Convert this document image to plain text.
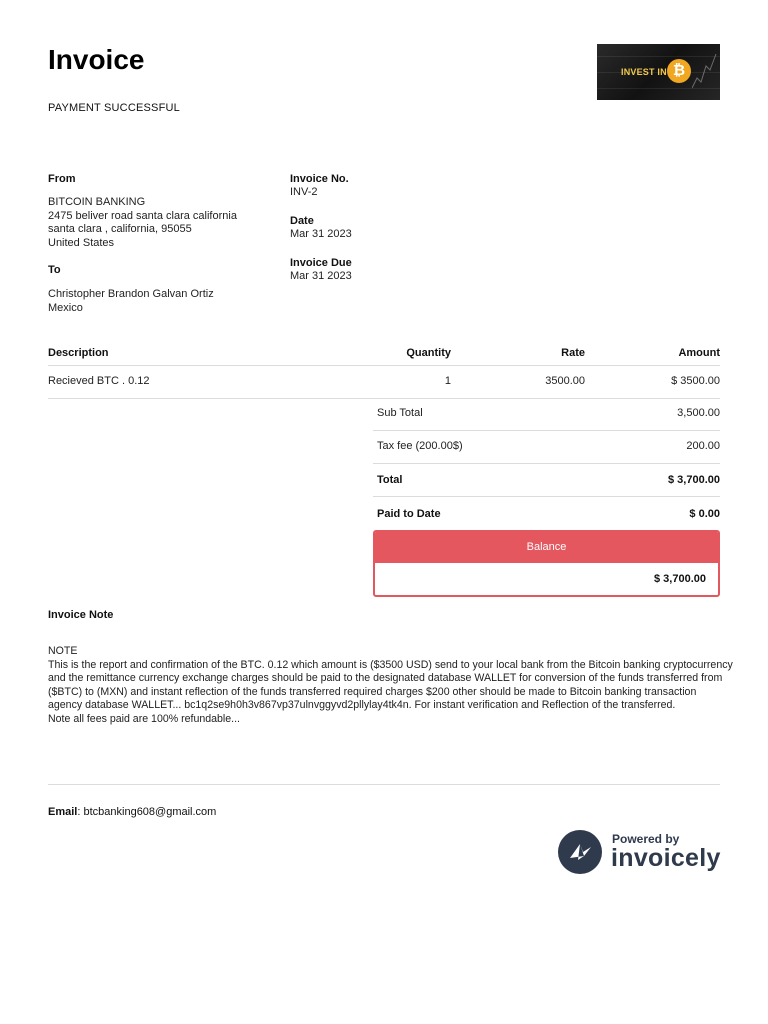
Invoice
PAYMENT SUCCESSFUL
INVEST IN ₿
From
BITCOIN BANKING
2475 beliver road santa clara california
santa clara , california, 95055
United States
To
Christopher Brandon Galvan Ortiz
Mexico
Invoice No.
INV-2
Date
Mar 31 2023
Invoice Due
Mar 31 2023
Description	Quantity	Rate	Amount
Recieved BTC . 0.12	1	3500.00	$ 3500.00
Sub Total	3,500.00
Tax fee (200.00$)	200.00
Total	$ 3,700.00
Paid to Date	$ 0.00
Balance
$ 3,700.00
Invoice Note
NOTE
This is the report and confirmation of the BTC. 0.12 which amount is ($3500 USD) send to your local bank from the Bitcoin banking cryptocurrency
and the remittance currency exchange charges should be paid to the designated database WALLET for conversion of the funds transferred from
($BTC) to (MXN) and instant reflection of the funds transferred required charges $200 other should be made to Bitcoin banking transaction
agency database WALLET... bc1q2se9h0h3v867vp37ulnvggyvd2pllylay4tk4n. For instant verification and Reflection of the transferred.
Note all fees paid are 100% refundable...
Email: btcbanking608@gmail.com
Powered by
invoicely
